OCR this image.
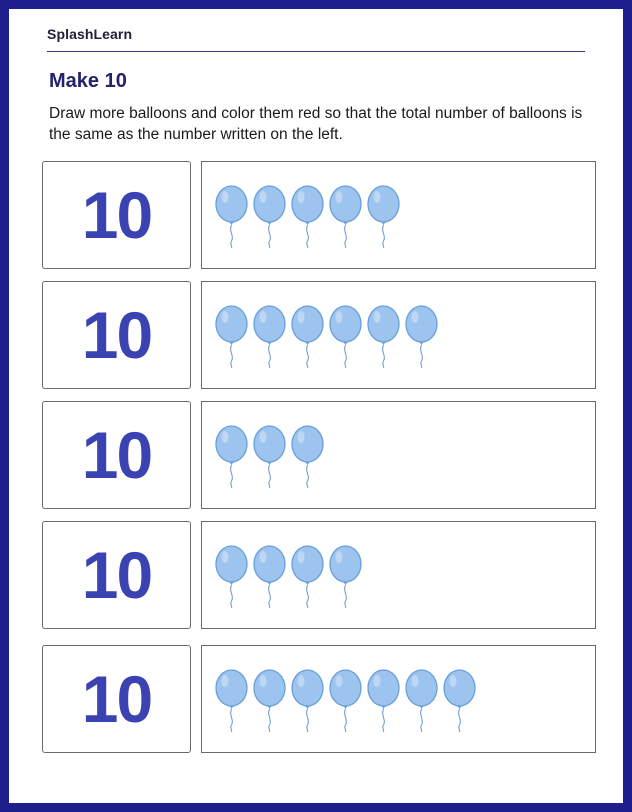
SplashLearn
Make 10
Draw more balloons and color them red so that the total number of balloons is the same as the number written on the left.
10
10
10
10
10
